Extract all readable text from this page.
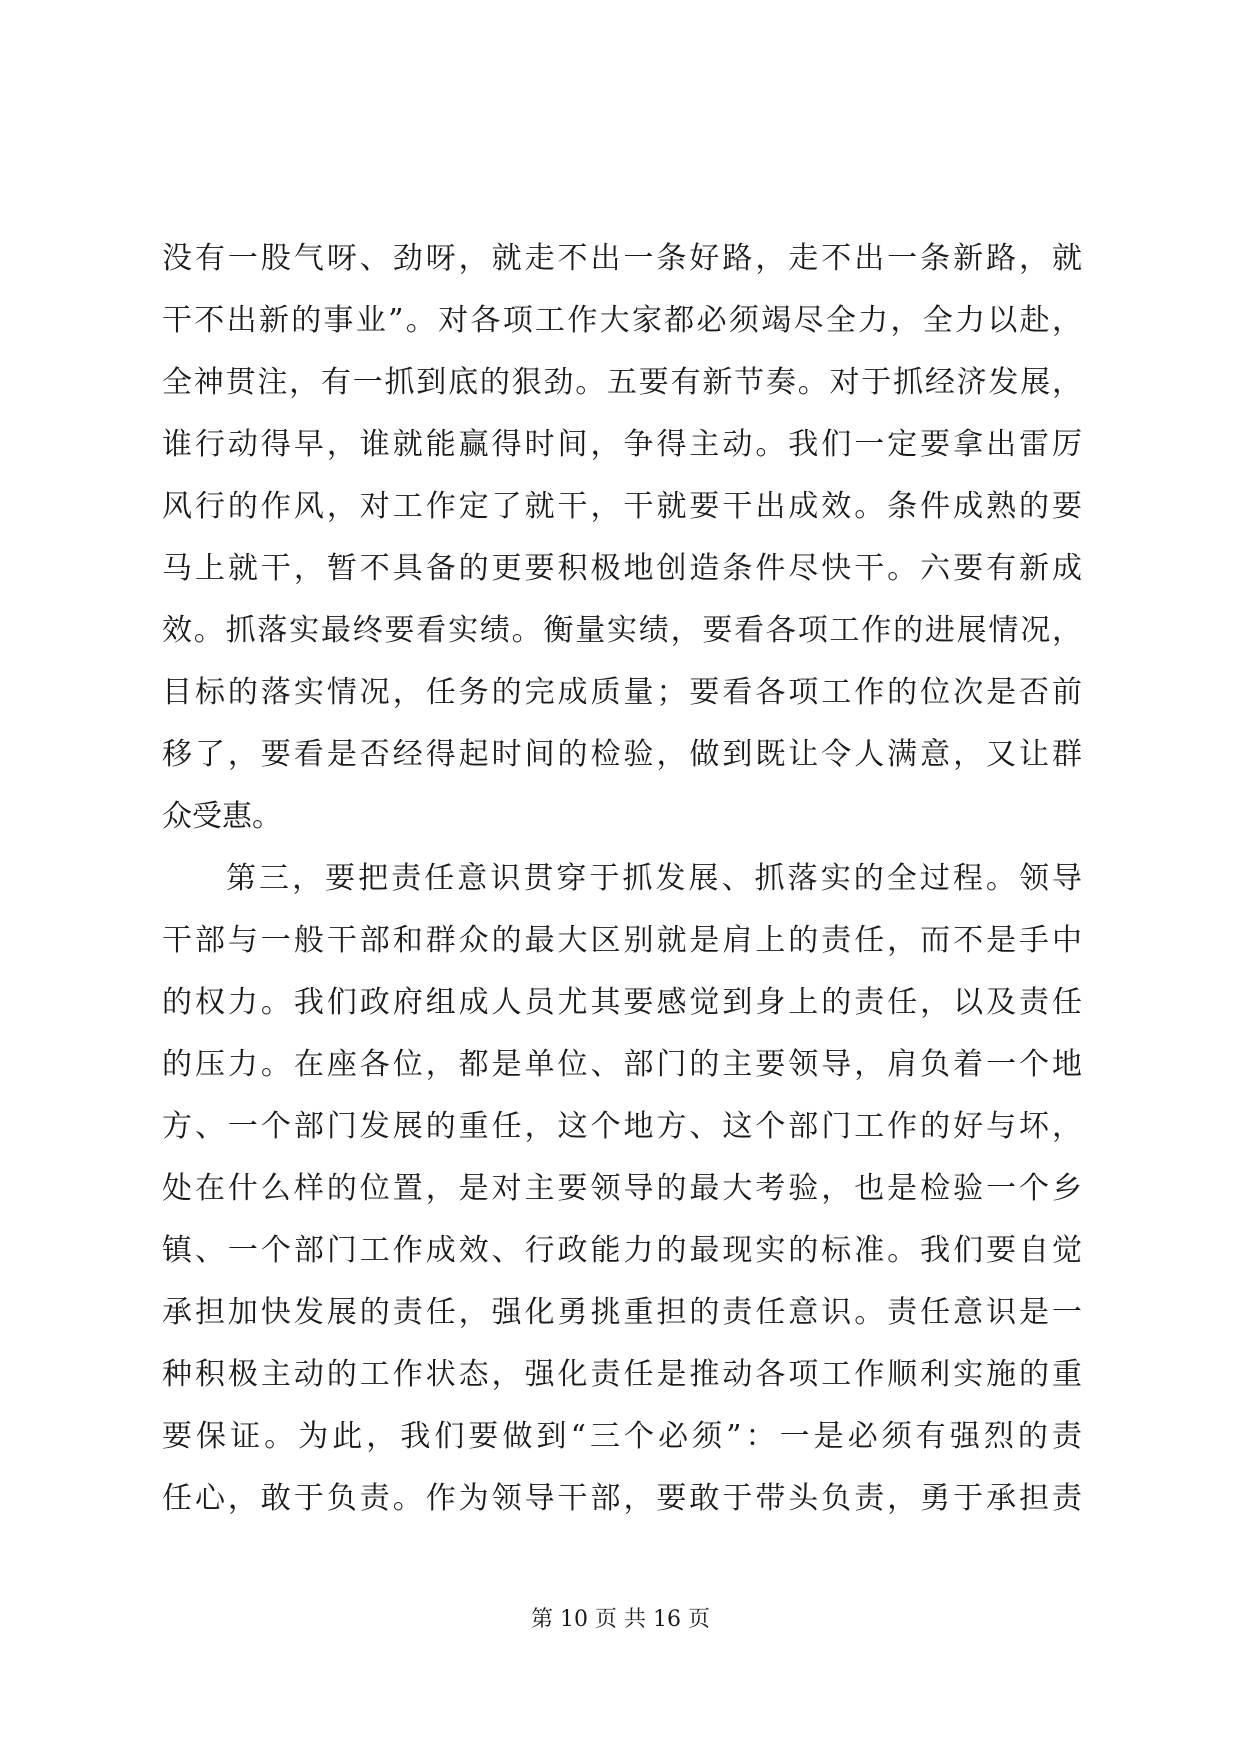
没有一股气呀、劲呀，就走不出一条好路，走不出一条新路，就
干不出新的事业”。对各项工作大家都必须竭尽全力，全力以赴，
全神贯注，有一抓到底的狠劲。五要有新节奏。对于抓经济发展，
谁行动得早，谁就能赢得时间，争得主动。我们一定要拿出雷厉
风行的作风，对工作定了就干，干就要干出成效。条件成熟的要
马上就干，暂不具备的更要积极地创造条件尽快干。六要有新成
效。抓落实最终要看实绩。衡量实绩，要看各项工作的进展情况，
目标的落实情况，任务的完成质量；要看各项工作的位次是否前
移了，要看是否经得起时间的检验，做到既让令人满意，又让群
众受惠。
第三，要把责任意识贯穿于抓发展、抓落实的全过程。领导
干部与一般干部和群众的最大区别就是肩上的责任，而不是手中
的权力。我们政府组成人员尤其要感觉到身上的责任，以及责任
的压力。在座各位，都是单位、部门的主要领导，肩负着一个地
方、一个部门发展的重任，这个地方、这个部门工作的好与坏，
处在什么样的位置，是对主要领导的最大考验，也是检验一个乡
镇、一个部门工作成效、行政能力的最现实的标准。我们要自觉
承担加快发展的责任，强化勇挑重担的责任意识。责任意识是一
种积极主动的工作状态，强化责任是推动各项工作顺利实施的重
要保证。为此，我们要做到“三个必须”：一是必须有强烈的责
任心，敢于负责。作为领导干部，要敢于带头负责，勇于承担责
第 10 页 共 16 页
